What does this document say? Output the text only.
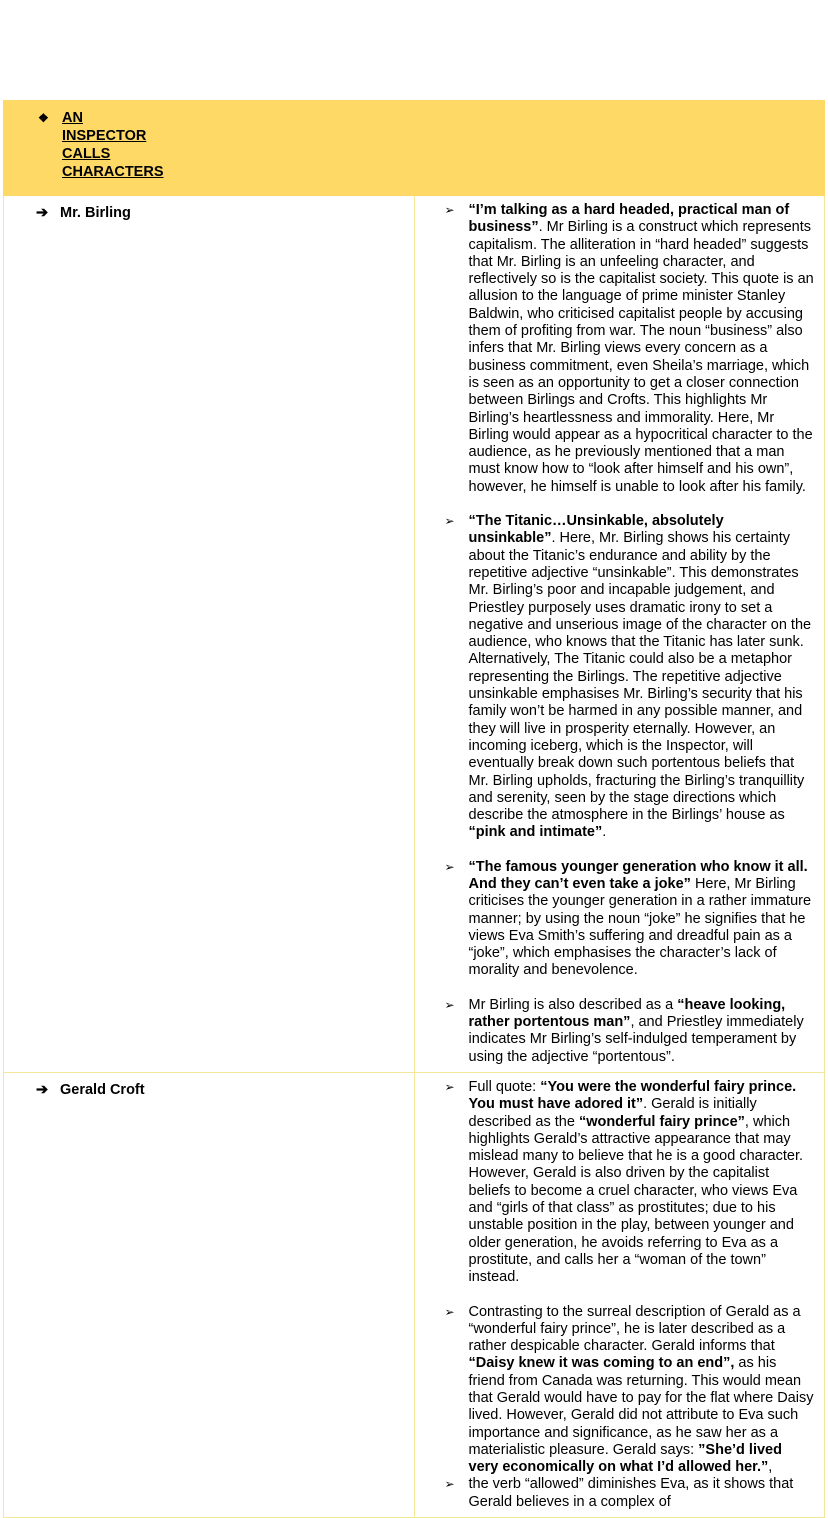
❖ AN
INSPECTOR
CALLS
CHARACTERS	

➔ Mr. Birling	➢ “I’m talking as a hard headed, practical man of business”. Mr Birling is a construct which represents capitalism. The alliteration in “hard headed” suggests that Mr. Birling is an unfeeling character, and reflectively so is the capitalist society. This quote is an allusion to the language of prime minister Stanley Baldwin, who criticised capitalist people by accusing them of profiting from war. The noun “business” also infers that Mr. Birling views every concern as a business commitment, even Sheila’s marriage, which is seen as an opportunity to get a closer connection between Birlings and Crofts. This highlights Mr Birling’s heartlessness and immorality. Here, Mr Birling would appear as a hypocritical character to the audience, as he previously mentioned that a man must know how to “look after himself and his own”, however, he himself is unable to look after his family.
➢ “The Titanic…Unsinkable, absolutely unsinkable”. Here, Mr. Birling shows his certainty about the Titanic’s endurance and ability by the repetitive adjective “unsinkable”. This demonstrates Mr. Birling’s poor and incapable judgement, and Priestley purposely uses dramatic irony to set a negative and unserious image of the character on the audience, who knows that the Titanic has later sunk. Alternatively, The Titanic could also be a metaphor representing the Birlings. The repetitive adjective unsinkable emphasises Mr. Birling’s security that his family won’t be harmed in any possible manner, and they will live in prosperity eternally. However, an incoming iceberg, which is the Inspector, will eventually break down such portentous beliefs that Mr. Birling upholds, fracturing the Birling’s tranquillity and serenity, seen by the stage directions which describe the atmosphere in the Birlings’ house as “pink and intimate”.
➢ “The famous younger generation who know it all. And they can’t even take a joke” Here, Mr Birling criticises the younger generation in a rather immature manner; by using the noun “joke” he signifies that he views Eva Smith’s suffering and dreadful pain as a “joke”, which emphasises the character’s lack of morality and benevolence.
➢ Mr Birling is also described as a “heave looking, rather portentous man”, and Priestley immediately indicates Mr Birling’s self-indulged temperament by using the adjective “portentous”.

➔ Gerald Croft	➢ Full quote: “You were the wonderful fairy prince. You must have adored it”. Gerald is initially described as the “wonderful fairy prince”, which highlights Gerald’s attractive appearance that may mislead many to believe that he is a good character. However, Gerald is also driven by the capitalist beliefs to become a cruel character, who views Eva and “girls of that class” as prostitutes; due to his unstable position in the play, between younger and older generation, he avoids referring to Eva as a prostitute, and calls her a “woman of the town” instead.
➢ Contrasting to the surreal description of Gerald as a “wonderful fairy prince”, he is later described as a rather despicable character. Gerald informs that “Daisy knew it was coming to an end”, as his friend from Canada was returning. This would mean that Gerald would have to pay for the flat where Daisy lived. However, Gerald did not attribute to Eva such importance and significance, as he saw her as a materialistic pleasure. Gerald says: ”She’d lived very economically on what I’d allowed her.”,
➢ the verb “allowed” diminishes Eva, as it shows that Gerald believes in a complex of
